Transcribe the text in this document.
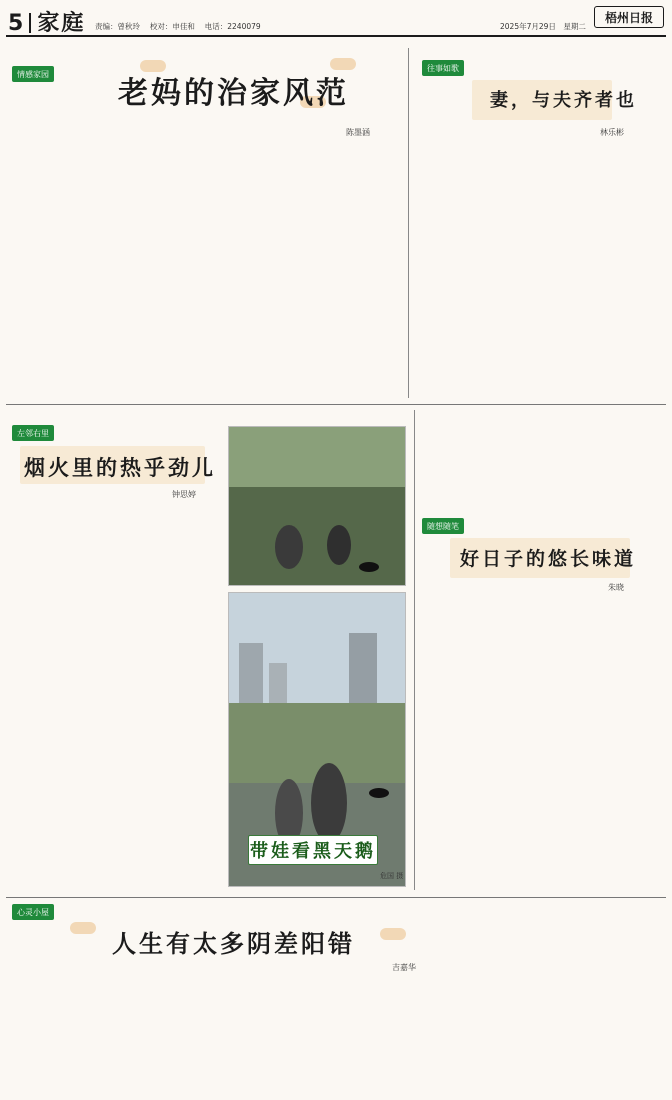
5 家庭 责编：曾秋玲　 校对：申佳和　 电话：2240079	2025年7月29日　星期二
梧州日报
情感家园
老妈的治家风范
陈墨涵
往事如歌
妻，与夫齐者也
林乐彬
左邻右里
烟火里的热乎劲儿
钟思婷
带娃看黑天鹅
危国 摄
随想随笔
好日子的悠长味道
朱晓
心灵小屋
人生有太多阴差阳错
吉嘉华
